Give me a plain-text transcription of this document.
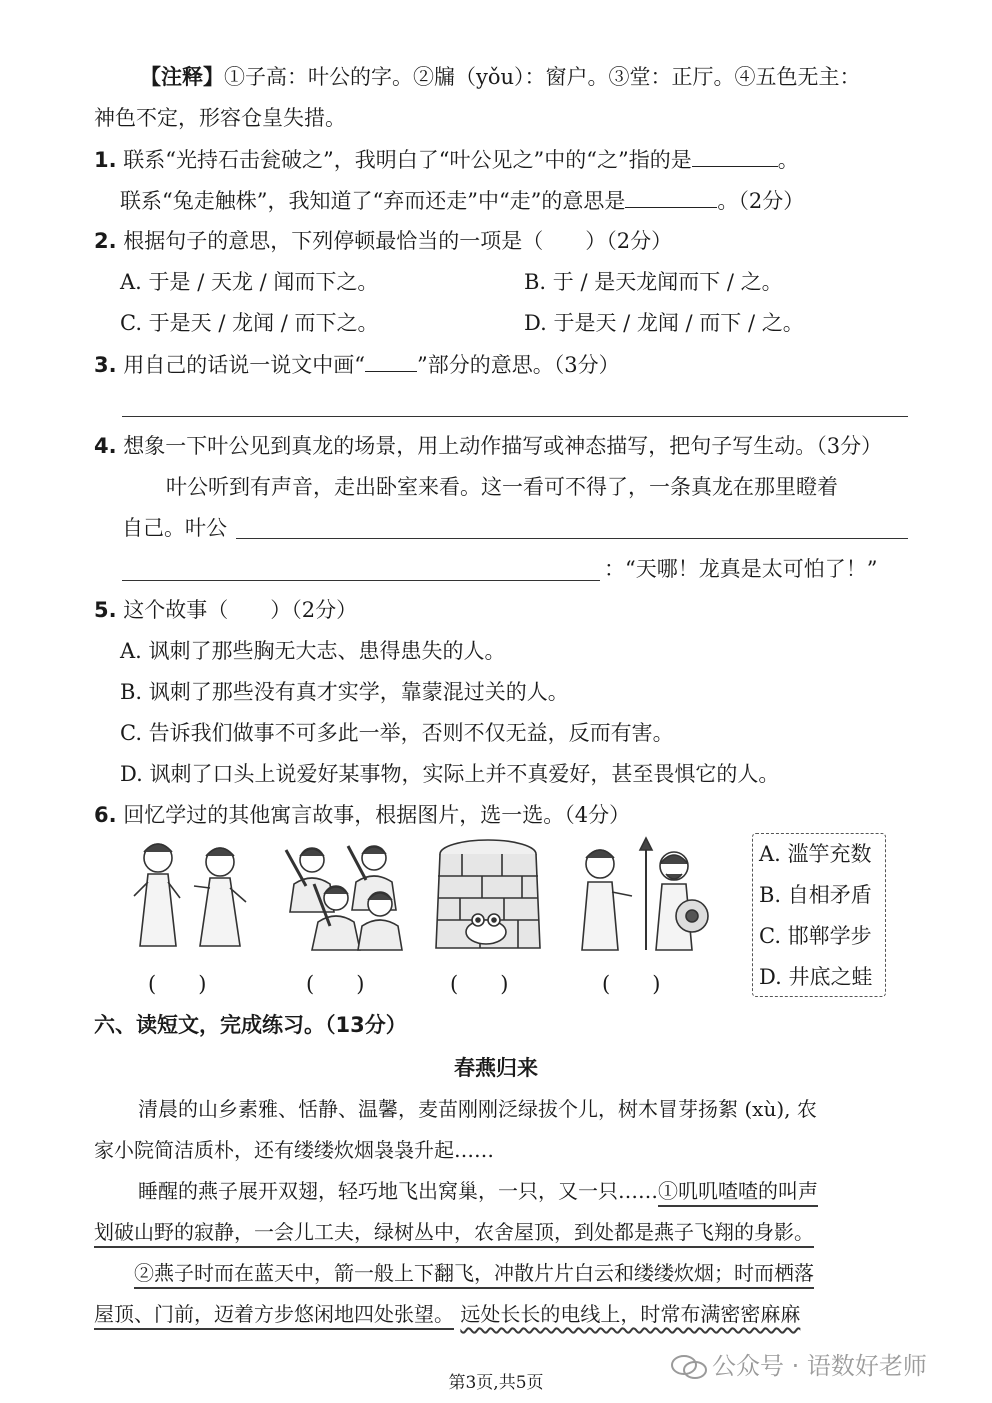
【注释】①子高：叶公的字。②牖（yǒu）：窗户。③堂：正厅。④五色无主：
神色不定，形容仓皇失措。
1. 联系“光持石击瓮破之”，我明白了“叶公见之”中的“之”指的是	。
联系“兔走触株”，我知道了“弃而还走”中“走”的意思是	。（2分）
2. 根据句子的意思，下列停顿最恰当的一项是（　　）（2分）
A. 于是 / 天龙 / 闻而下之。	B. 于 / 是天龙闻而下 / 之。
C. 于是天 / 龙闻 / 而下之。	D. 于是天 / 龙闻 / 而下 / 之。
3. 用自己的话说一说文中画“ ”部分的意思。（3分）
4. 想象一下叶公见到真龙的场景，用上动作描写或神态描写，把句子写生动。（3分）
叶公听到有声音，走出卧室来看。这一看可不得了，一条真龙在那里瞪着
自己。叶公
：“天哪！龙真是太可怕了！”
5. 这个故事（　　）（2分）
A. 讽刺了那些胸无大志、患得患失的人。
B. 讽刺了那些没有真才实学，靠蒙混过关的人。
C. 告诉我们做事不可多此一举，否则不仅无益，反而有害。
D. 讽刺了口头上说爱好某事物，实际上并不真爱好，甚至畏惧它的人。
6. 回忆学过的其他寓言故事，根据图片，选一选。（4分）
(　　)	(　　)	(　　)	(　　)
A. 滥竽充数
B. 自相矛盾
C. 邯郸学步
D. 井底之蛙
六、读短文，完成练习。（13分）
春燕归来
清晨的山乡素雅、恬静、温馨，麦苗刚刚泛绿拔个儿，树木冒芽扬絮 (xù), 农
家小院简洁质朴，还有缕缕炊烟袅袅升起……
睡醒的燕子展开双翅，轻巧地飞出窝巢，一只，又一只……①叽叽喳喳的叫声
划破山野的寂静，一会儿工夫，绿树丛中，农舍屋顶，到处都是燕子飞翔的身影。
②燕子时而在蓝天中，箭一般上下翻飞，冲散片片白云和缕缕炊烟；时而栖落
屋顶、门前，迈着方步悠闲地四处张望。 远处长长的电线上，时常布满密密麻麻
公众号 · 语数好老师
第3页,共5页
